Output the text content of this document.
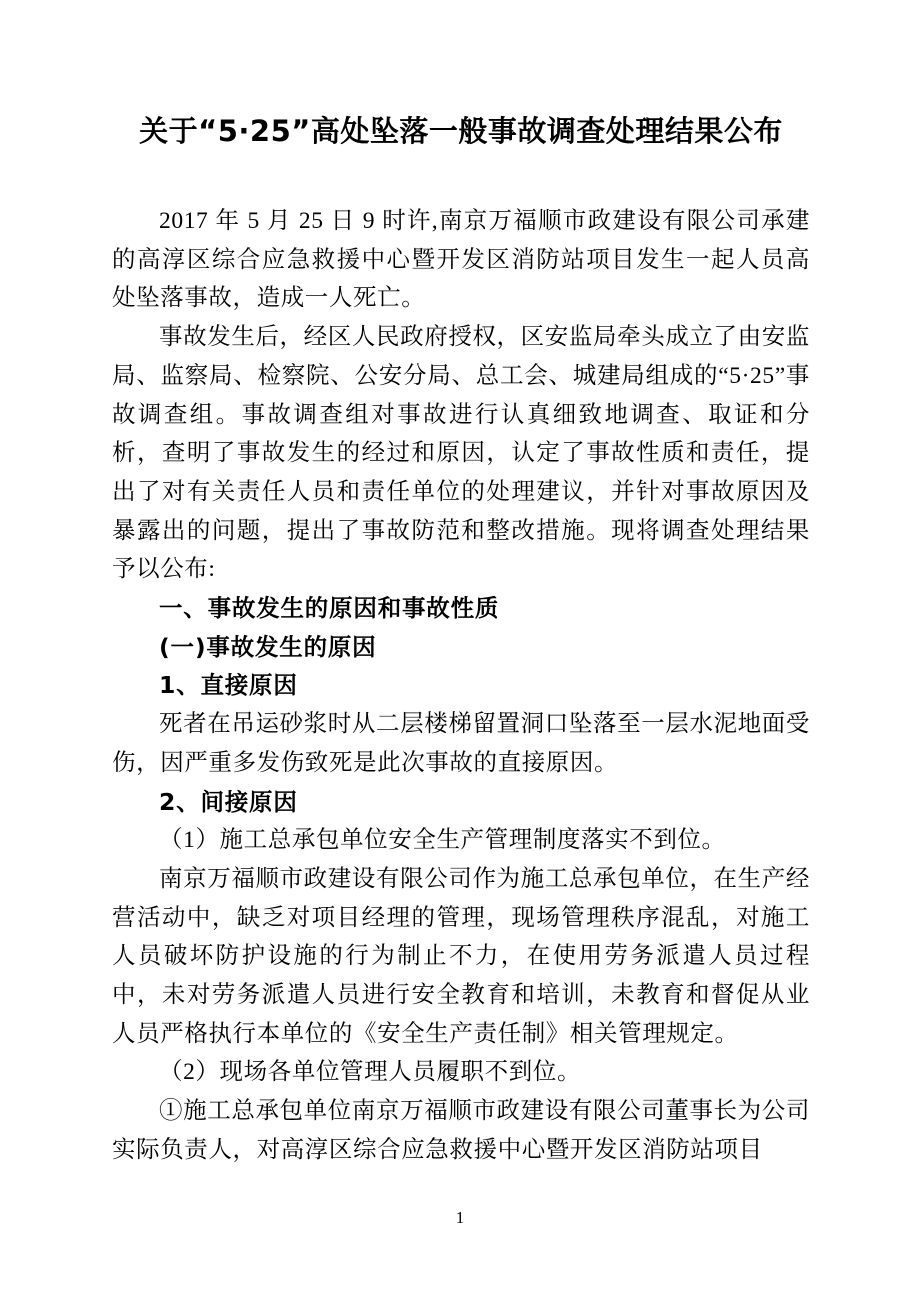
关于“5·25”高处坠落一般事故调查处理结果公布

2017 年 5 月 25 日 9 时许,南京万福顺市政建设有限公司承建的高淳区综合应急救援中心暨开发区消防站项目发生一起人员高处坠落事故，造成一人死亡。

事故发生后，经区人民政府授权，区安监局牵头成立了由安监局、监察局、检察院、公安分局、总工会、城建局组成的“5·25”事故调查组。事故调查组对事故进行认真细致地调查、取证和分析，查明了事故发生的经过和原因，认定了事故性质和责任，提出了对有关责任人员和责任单位的处理建议，并针对事故原因及暴露出的问题，提出了事故防范和整改措施。现将调查处理结果予以公布:

一、事故发生的原因和事故性质

(一)事故发生的原因

1、直接原因

死者在吊运砂浆时从二层楼梯留置洞口坠落至一层水泥地面受伤，因严重多发伤致死是此次事故的直接原因。

2、间接原因

（1）施工总承包单位安全生产管理制度落实不到位。

南京万福顺市政建设有限公司作为施工总承包单位，在生产经营活动中，缺乏对项目经理的管理，现场管理秩序混乱，对施工人员破坏防护设施的行为制止不力，在使用劳务派遣人员过程中，未对劳务派遣人员进行安全教育和培训，未教育和督促从业人员严格执行本单位的《安全生产责任制》相关管理规定。

（2）现场各单位管理人员履职不到位。

①施工总承包单位南京万福顺市政建设有限公司董事长为公司实际负责人，对高淳区综合应急救援中心暨开发区消防站项目

1
